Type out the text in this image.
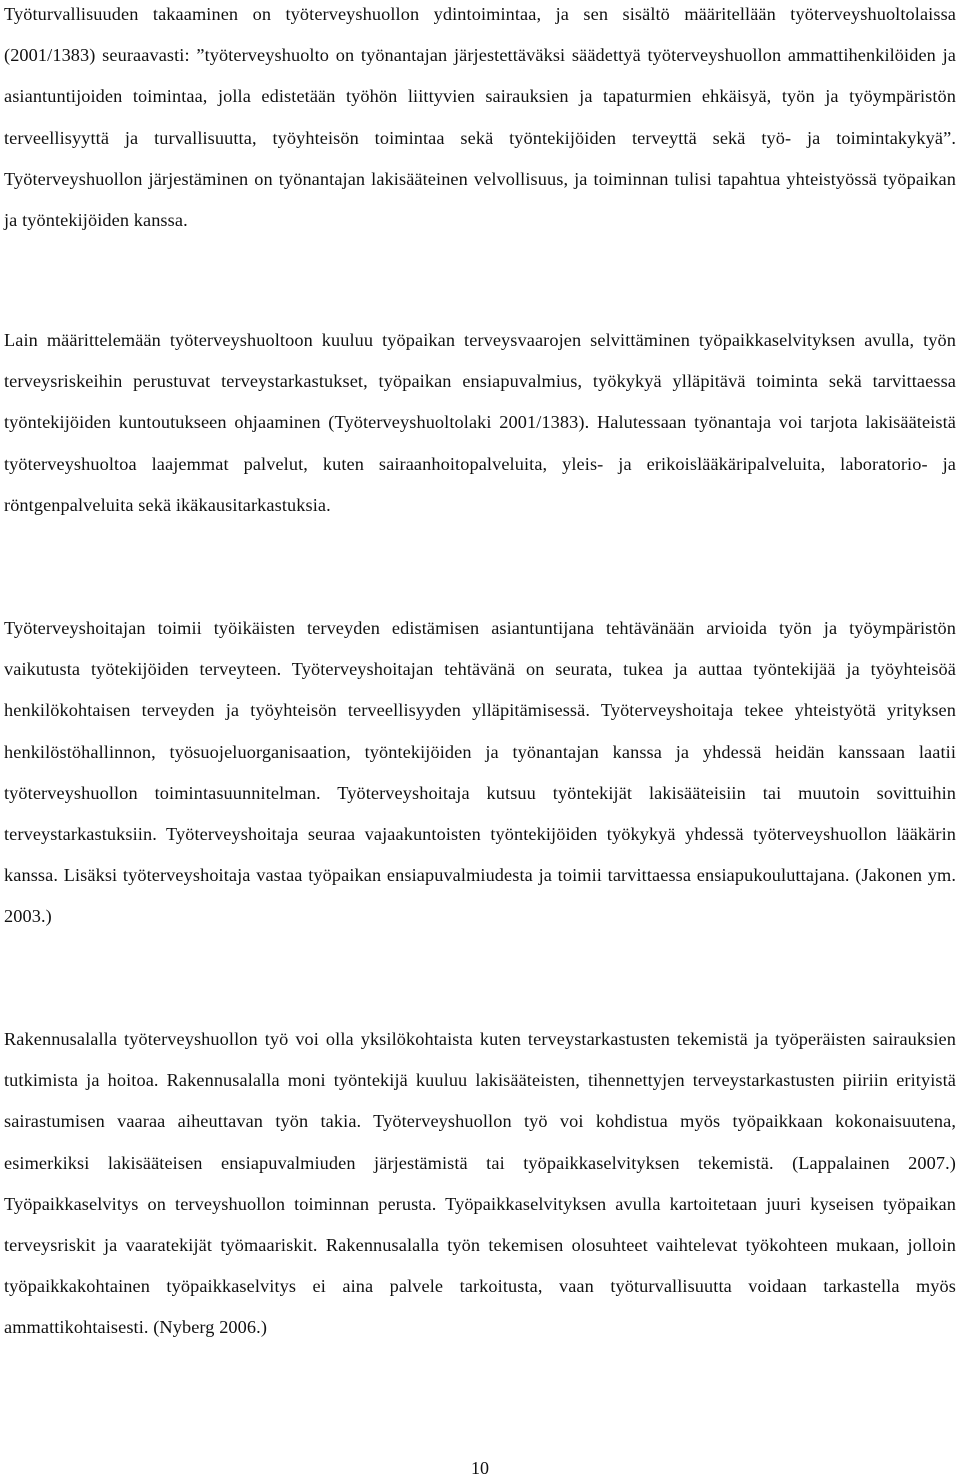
Työturvallisuuden takaaminen on työterveyshuollon ydintoimintaa, ja sen sisältö määritellään työterveyshuoltolaissa (2001/1383) seuraavasti: ”työterveyshuolto on työnantajan järjestettäväksi säädettyä työterveyshuollon ammattihenkilöiden ja asiantuntijoiden toimintaa, jolla edistetään työhön liittyvien sairauksien ja tapaturmien ehkäisyä, työn ja työympäristön terveellisyyttä ja turvallisuutta, työyhteisön toimintaa sekä työntekijöiden terveyttä sekä työ- ja toimintakykyä”. Työterveyshuollon järjestäminen on työnantajan lakisääteinen velvollisuus, ja toiminnan tulisi tapahtua yhteistyössä työpaikan ja työntekijöiden kanssa.

Lain määrittelemään työterveyshuoltoon kuuluu työpaikan terveysvaarojen selvittäminen työpaikkaselvityksen avulla, työn terveysriskeihin perustuvat terveystarkastukset, työpaikan ensiapuvalmius, työkykyä ylläpitävä toiminta sekä tarvittaessa työntekijöiden kuntoutukseen ohjaaminen (Työterveyshuoltolaki 2001/1383). Halutessaan työnantaja voi tarjota lakisääteistä työterveyshuoltoa laajemmat palvelut, kuten sairaanhoitopalveluita, yleis- ja erikoislääkäripalveluita, laboratorio- ja röntgenpalveluita sekä ikäkausitarkastuksia.

Työterveyshoitajan toimii työikäisten terveyden edistämisen asiantuntijana tehtävänään arvioida työn ja työympäristön vaikutusta työtekijöiden terveyteen. Työterveyshoitajan tehtävänä on seurata, tukea ja auttaa työntekijää ja työyhteisöä henkilökohtaisen terveyden ja työyhteisön terveellisyyden ylläpitämisessä. Työterveyshoitaja tekee yhteistyötä yrityksen henkilöstöhallinnon, työsuojeluorganisaation, työntekijöiden ja työnantajan kanssa ja yhdessä heidän kanssaan laatii työterveyshuollon toimintasuunnitelman. Työterveyshoitaja kutsuu työntekijät lakisääteisiin tai muutoin sovittuihin terveystarkastuksiin. Työterveyshoitaja seuraa vajaakuntoisten työntekijöiden työkykyä yhdessä työterveyshuollon lääkärin kanssa. Lisäksi työterveyshoitaja vastaa työpaikan ensiapuvalmiudesta ja toimii tarvittaessa ensiapukouluttajana. (Jakonen ym. 2003.)

Rakennusalalla työterveyshuollon työ voi olla yksilökohtaista kuten terveystarkastusten tekemistä ja työperäisten sairauksien tutkimista ja hoitoa. Rakennusalalla moni työntekijä kuuluu lakisääteisten, tihennettyjen terveystarkastusten piiriin erityistä sairastumisen vaaraa aiheuttavan työn takia. Työterveyshuollon työ voi kohdistua myös työpaikkaan kokonaisuutena, esimerkiksi lakisääteisen ensiapuvalmiuden järjestämistä tai työpaikkaselvityksen tekemistä. (Lappalainen 2007.) Työpaikkaselvitys on terveyshuollon toiminnan perusta. Työpaikkaselvityksen avulla kartoitetaan juuri kyseisen työpaikan terveysriskit ja vaaratekijät työmaariskit. Rakennusalalla työn tekemisen olosuhteet vaihtelevat työkohteen mukaan, jolloin työpaikkakohtainen työpaikkaselvitys ei aina palvele tarkoitusta, vaan työturvallisuutta voidaan tarkastella myös ammattikohtaisesti. (Nyberg 2006.)

10
